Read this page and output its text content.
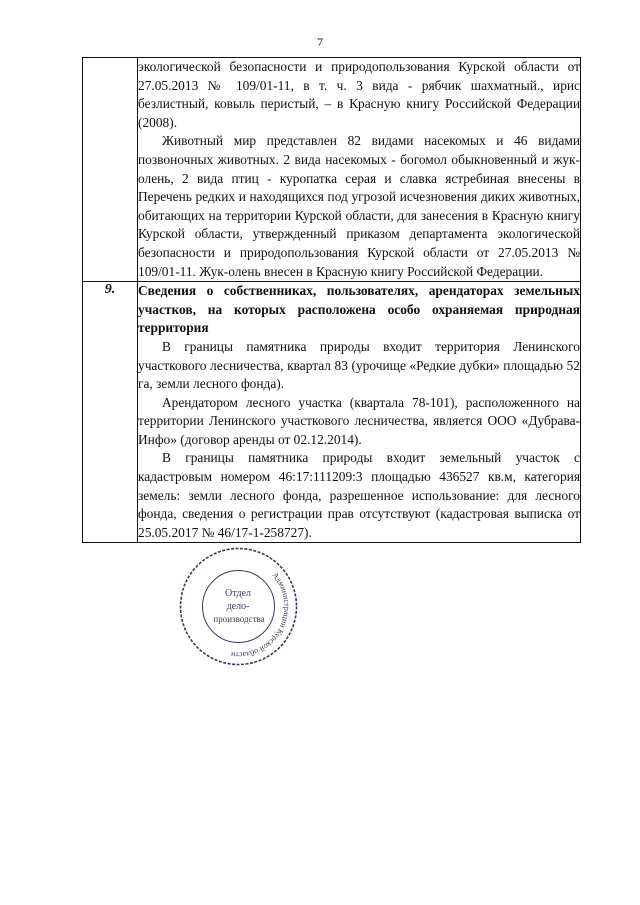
7

	экологической безопасности и природопользования Курской области от 27.05.2013 № 109/01-11, в т. ч. 3 вида - рябчик шахматный., ирис безлистный, ковыль перистый, – в Красную книгу Российской Федерации (2008).

Животный мир представлен 82 видами насекомых и 46 видами позвоночных животных. 2 вида насекомых - богомол обыкновенный и жук-олень, 2 вида птиц - куропатка серая и славка ястребиная внесены в Перечень редких и находящихся под угрозой исчезновения диких животных, обитающих на территории Курской области, для занесения в Красную книгу Курской области, утвержденный приказом департамента экологической безопасности и природопользования Курской области от 27.05.2013 № 109/01-11. Жук-олень внесен в Красную книгу Российской Федерации.

9.	Сведения о собственниках, пользователях, арендаторах земельных участков, на которых расположена особо охраняемая природная территория

В границы памятника природы входит территория Ленинского участкового лесничества, квартал 83 (урочище «Редкие дубки» площадью 52 га, земли лесного фонда).

Арендатором лесного участка (квартала 78-101), расположенного на территории Ленинского участкового лесничества, является ООО «Дубрава-Инфо» (договор аренды от 02.12.2014).

В границы памятника природы входит земельный участок с кадастровым номером 46:17:111209:3 площадью 436527 кв.м, категория земель: земли лесного фонда, разрешенное использование: для лесного фонда, сведения о регистрации прав отсутствуют (кадастровая выписка от 25.05.2017 № 46/17-1-258727).

Администрации Курской области
Отдел
дело-
производства
